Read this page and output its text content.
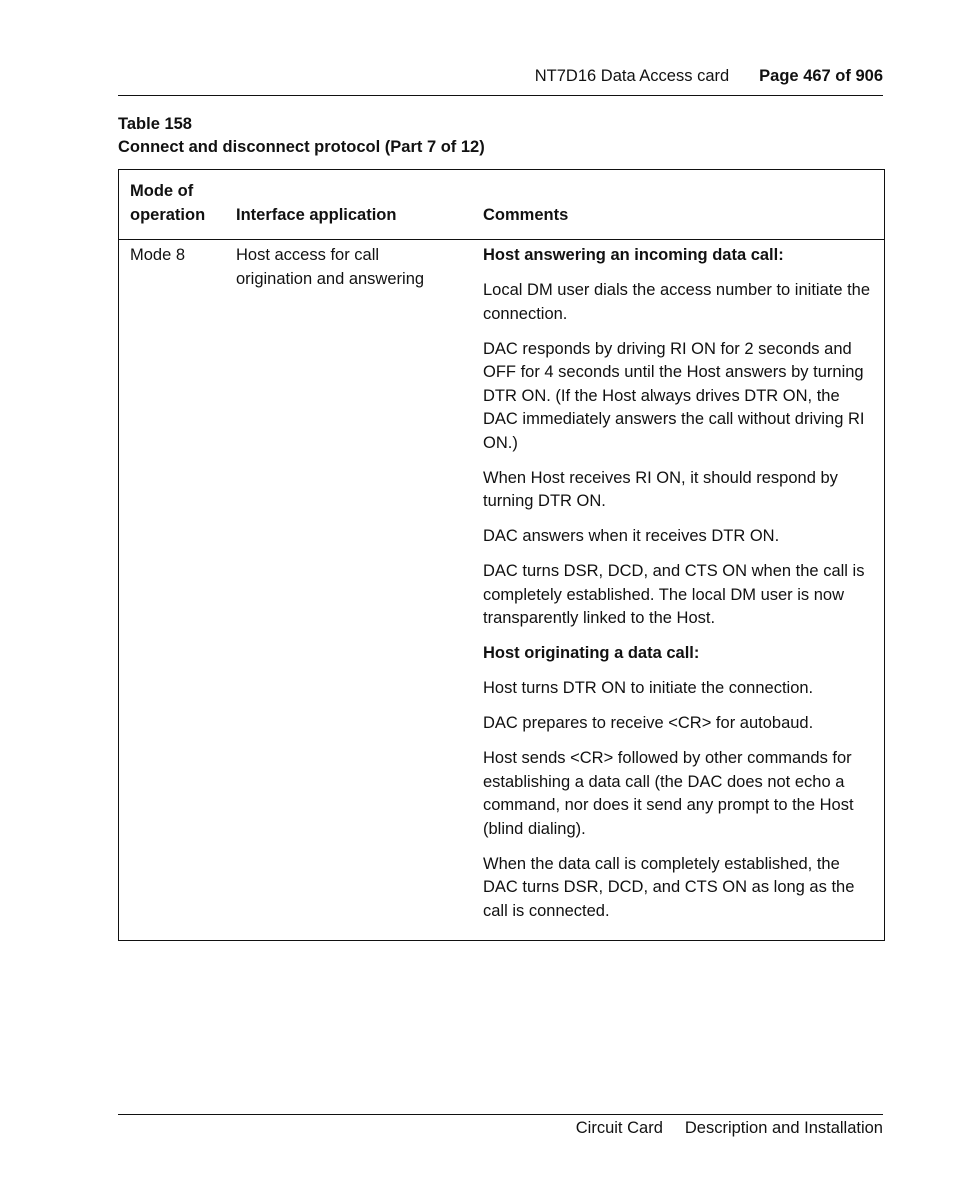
NT7D16 Data Access card Page 467 of 906
Table 158
Connect and disconnect protocol (Part 7 of 12)
Mode of
operation Interface application	Comments
Mode 8	Host access for call origination and answering

Host answering an incoming data call:

Local DM user dials the access number to initiate the connection.

DAC responds by driving RI ON for 2 seconds and OFF for 4 seconds until the Host answers by turning DTR ON. (If the Host always drives DTR ON, the DAC immediately answers the call without driving RI ON.)

When Host receives RI ON, it should respond by turning DTR ON.

DAC answers when it receives DTR ON.

DAC turns DSR, DCD, and CTS ON when the call is completely established. The local DM user is now transparently linked to the Host.

Host originating a data call:

Host turns DTR ON to initiate the connection.

DAC prepares to receive <CR> for autobaud.

Host sends <CR> followed by other commands for establishing a data call (the DAC does not echo a command, nor does it send any prompt to the Host (blind dialing).

When the data call is completely established, the DAC turns DSR, DCD, and CTS ON as long as the call is connected.

Circuit Card Description and Installation
